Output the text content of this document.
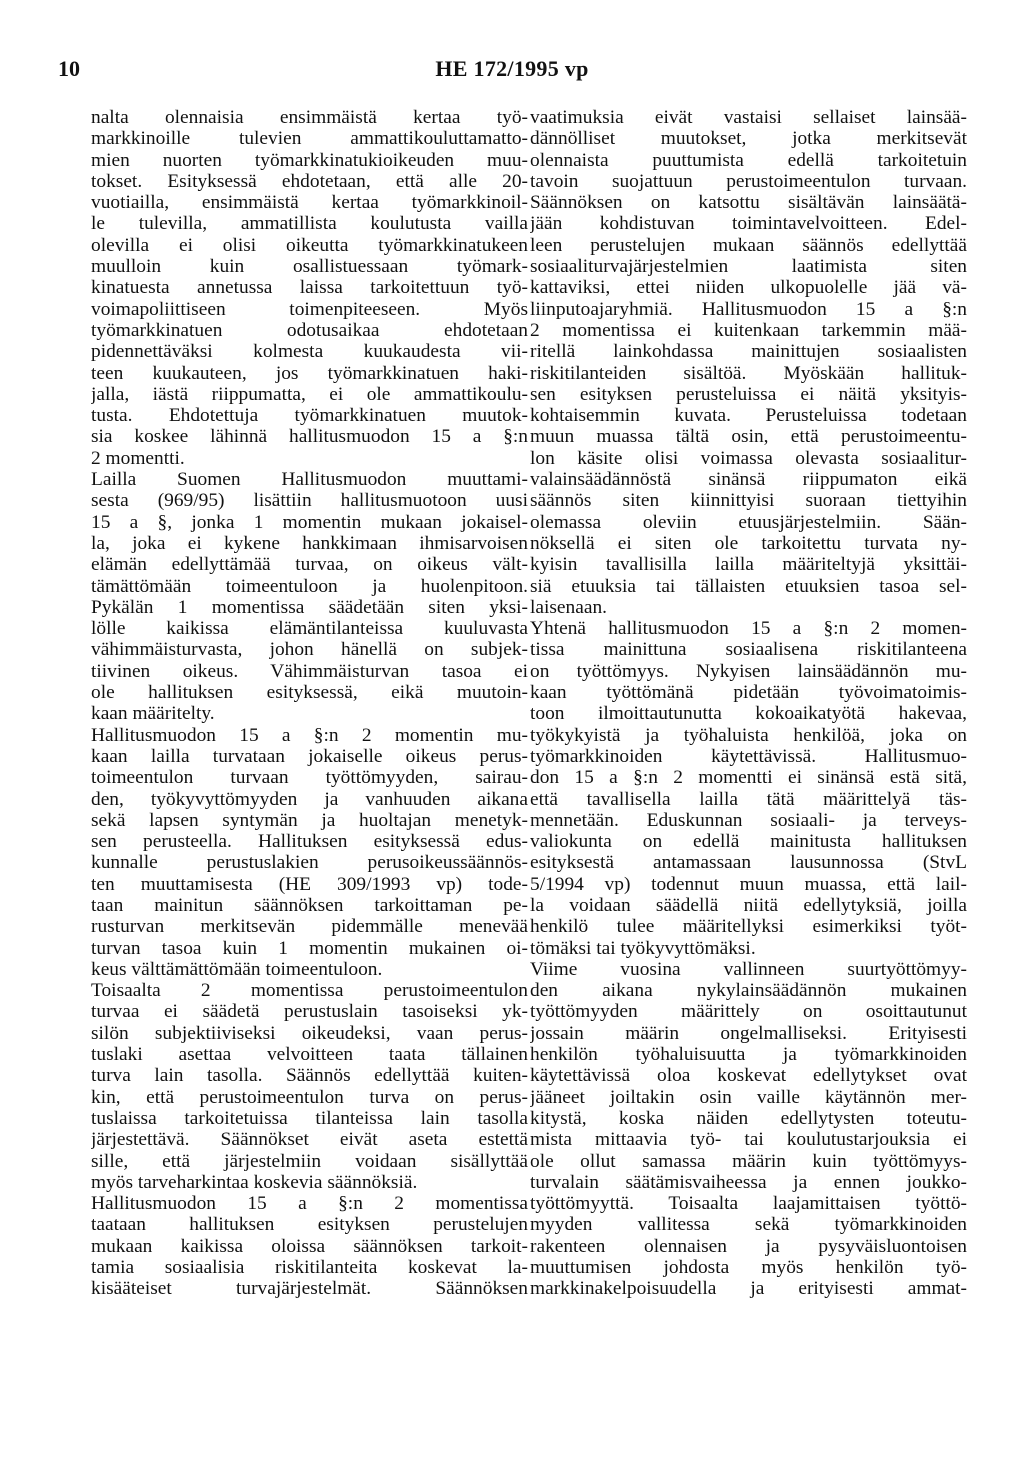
10	HE 172/1995 vp
nalta olennaisia ensimmäistä kertaa työ-
markkinoille tulevien ammattikouluttamatto-
mien nuorten työmarkkinatukioikeuden muu-
tokset. Esityksessä ehdotetaan, että alle 20-
vuotiailla, ensimmäistä kertaa työmarkkinoil-
le tulevilla, ammatillista koulutusta vailla
olevilla ei olisi oikeutta työmarkkinatukeen
muulloin kuin osallistuessaan työmark-
kinatuesta annetussa laissa tarkoitettuun työ-
voimapoliittiseen toimenpiteeseen. Myös
työmarkkinatuen odotusaikaa ehdotetaan
pidennettäväksi kolmesta kuukaudesta vii-
teen kuukauteen, jos työmarkkinatuen haki-
jalla, iästä riippumatta, ei ole ammattikoulu-
tusta. Ehdotettuja työmarkkinatuen muutok-
sia koskee lähinnä hallitusmuodon 15 a §:n
2 momentti.
Lailla Suomen Hallitusmuodon muuttami-
sesta (969/95) lisättiin hallitusmuotoon uusi
15 a §, jonka 1 momentin mukaan jokaisel-
la, joka ei kykene hankkimaan ihmisarvoisen
elämän edellyttämää turvaa, on oikeus vält-
tämättömään toimeentuloon ja huolenpitoon.
Pykälän 1 momentissa säädetään siten yksi-
lölle kaikissa elämäntilanteissa kuuluvasta
vähimmäisturvasta, johon hänellä on subjek-
tiivinen oikeus. Vähimmäisturvan tasoa ei
ole hallituksen esityksessä, eikä muutoin-
kaan määritelty.
Hallitusmuodon 15 a §:n 2 momentin mu-
kaan lailla turvataan jokaiselle oikeus perus-
toimeentulon turvaan työttömyyden, sairau-
den, työkyvyttömyyden ja vanhuuden aikana
sekä lapsen syntymän ja huoltajan menetyk-
sen perusteella. Hallituksen esityksessä edus-
kunnalle perustuslakien perusoikeussäännös-
ten muuttamisesta (HE 309/1993 vp) tode-
taan mainitun säännöksen tarkoittaman pe-
rusturvan merkitsevän pidemmälle menevää
turvan tasoa kuin 1 momentin mukainen oi-
keus välttämättömään toimeentuloon.
Toisaalta 2 momentissa perustoimeentulon
turvaa ei säädetä perustuslain tasoiseksi yk-
silön subjektiiviseksi oikeudeksi, vaan perus-
tuslaki asettaa velvoitteen taata tällainen
turva lain tasolla. Säännös edellyttää kuiten-
kin, että perustoimeentulon turva on perus-
tuslaissa tarkoitetuissa tilanteissa lain tasolla
järjestettävä. Säännökset eivät aseta estettä
sille, että järjestelmiin voidaan sisällyttää
myös tarveharkintaa koskevia säännöksiä.
Hallitusmuodon 15 a §:n 2 momentissa
taataan hallituksen esityksen perustelujen
mukaan kaikissa oloissa säännöksen tarkoit-
tamia sosiaalisia riskitilanteita koskevat la-
kisääteiset turvajärjestelmät. Säännöksen
vaatimuksia eivät vastaisi sellaiset lainsää-
dännölliset muutokset, jotka merkitsevät
olennaista puuttumista edellä tarkoitetuin
tavoin suojattuun perustoimeentulon turvaan.
Säännöksen on katsottu sisältävän lainsäätä-
jään kohdistuvan toimintavelvoitteen. Edel-
leen perustelujen mukaan säännös edellyttää
sosiaaliturvajärjestelmien laatimista siten
kattaviksi, ettei niiden ulkopuolelle jää vä-
liinputoajaryhmiä. Hallitusmuodon 15 a §:n
2 momentissa ei kuitenkaan tarkemmin mää-
ritellä lainkohdassa mainittujen sosiaalisten
riskitilanteiden sisältöä. Myöskään hallituk-
sen esityksen perusteluissa ei näitä yksityis-
kohtaisemmin kuvata. Perusteluissa todetaan
muun muassa tältä osin, että perustoimeentu-
lon käsite olisi voimassa olevasta sosiaalitur-
valainsäädännöstä sinänsä riippumaton eikä
säännös siten kiinnittyisi suoraan tiettyihin
olemassa oleviin etuusjärjestelmiin. Sään-
nöksellä ei siten ole tarkoitettu turvata ny-
kyisin tavallisilla lailla määriteltyjä yksittäi-
siä etuuksia tai tällaisten etuuksien tasoa sel-
laisenaan.
Yhtenä hallitusmuodon 15 a §:n 2 momen-
tissa mainittuna sosiaalisena riskitilanteena
on työttömyys. Nykyisen lainsäädännön mu-
kaan työttömänä pidetään työvoimatoimis-
toon ilmoittautunutta kokoaikatyötä hakevaa,
työkykyistä ja työhaluista henkilöä, joka on
työmarkkinoiden käytettävissä. Hallitusmuo-
don 15 a §:n 2 momentti ei sinänsä estä sitä,
että tavallisella lailla tätä määrittelyä täs-
mennetään. Eduskunnan sosiaali- ja terveys-
valiokunta on edellä mainitusta hallituksen
esityksestä antamassaan lausunnossa (StvL
5/1994 vp) todennut muun muassa, että lail-
la voidaan säädellä niitä edellytyksiä, joilla
henkilö tulee määritellyksi esimerkiksi työt-
tömäksi tai työkyvyttömäksi.
Viime vuosina vallinneen suurtyöttömyy-
den aikana nykylainsäädännön mukainen
työttömyyden määrittely on osoittautunut
jossain määrin ongelmalliseksi. Erityisesti
henkilön työhaluisuutta ja työmarkkinoiden
käytettävissä oloa koskevat edellytykset ovat
jääneet joiltakin osin vaille käytännön mer-
kitystä, koska näiden edellytysten toteutu-
mista mittaavia työ- tai koulutustarjouksia ei
ole ollut samassa määrin kuin työttömyys-
turvalain säätämisvaiheessa ja ennen joukko-
työttömyyttä. Toisaalta laajamittaisen työttö-
myyden vallitessa sekä työmarkkinoiden
rakenteen olennaisen ja pysyväisluontoisen
muuttumisen johdosta myös henkilön työ-
markkinakelpoisuudella ja erityisesti ammat-
